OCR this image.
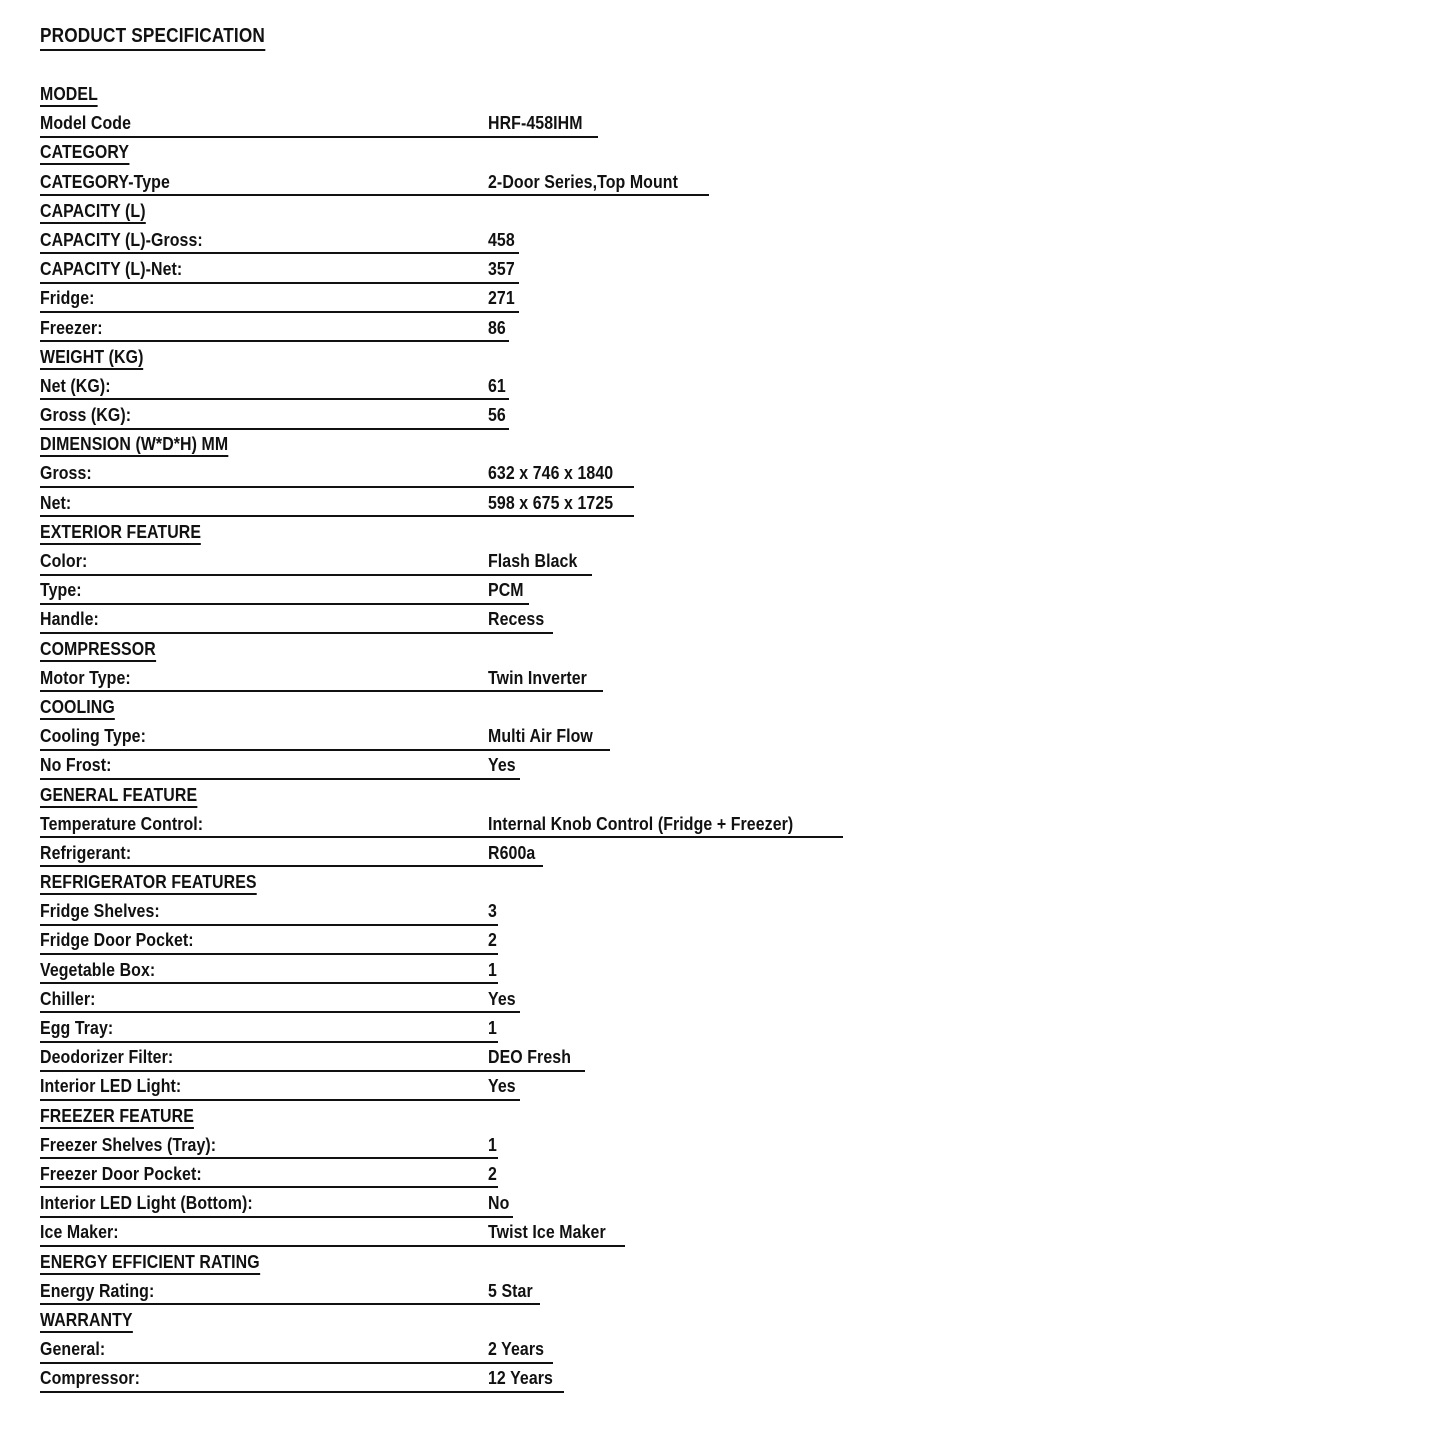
PRODUCT SPECIFICATION
MODEL
Model Code	HRF-458IHM
CATEGORY
CATEGORY-Type	2-Door Series,Top Mount
CAPACITY (L)
CAPACITY (L)-Gross:	458
CAPACITY (L)-Net:	357
Fridge:	271
Freezer:	86
WEIGHT (KG)
Net (KG):	61
Gross (KG):	56
DIMENSION (W*D*H) MM
Gross:	632 x 746 x 1840
Net:	598 x 675 x 1725
EXTERIOR FEATURE
Color:	Flash Black
Type:	PCM
Handle:	Recess
COMPRESSOR
Motor Type:	Twin Inverter
COOLING
Cooling Type:	Multi Air Flow
No Frost:	Yes
GENERAL FEATURE
Temperature Control:	Internal Knob Control (Fridge + Freezer)
Refrigerant:	R600a
REFRIGERATOR FEATURES
Fridge Shelves:	3
Fridge Door Pocket:	2
Vegetable Box:	1
Chiller:	Yes
Egg Tray:	1
Deodorizer Filter:	DEO Fresh
Interior LED Light:	Yes
FREEZER FEATURE
Freezer Shelves (Tray):	1
Freezer Door Pocket:	2
Interior LED Light (Bottom):	No
Ice Maker:	Twist Ice Maker
ENERGY EFFICIENT RATING
Energy Rating:	5 Star
WARRANTY
General:	2 Years
Compressor:	12 Years
